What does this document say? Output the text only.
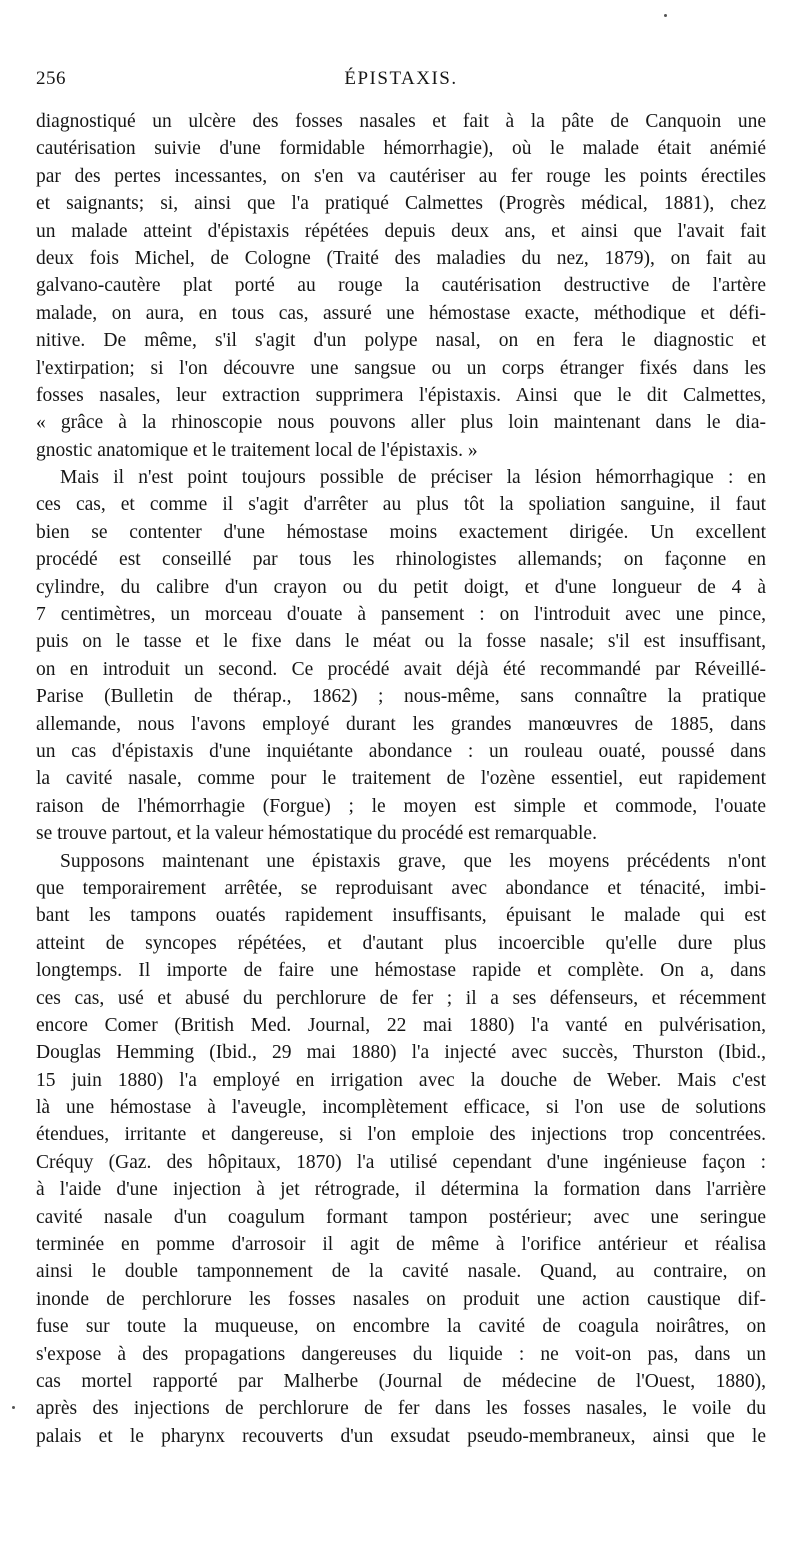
256	ÉPISTAXIS.
diagnostiqué un ulcère des fosses nasales et fait à la pâte de Canquoin une
cautérisation suivie d'une formidable hémorrhagie), où le malade était anémié
par des pertes incessantes, on s'en va cautériser au fer rouge les points érectiles
et saignants; si, ainsi que l'a pratiqué Calmettes (Progrès médical, 1881), chez
un malade atteint d'épistaxis répétées depuis deux ans, et ainsi que l'avait fait
deux fois Michel, de Cologne (Traité des maladies du nez, 1879), on fait au
galvano-cautère plat porté au rouge la cautérisation destructive de l'artère
malade, on aura, en tous cas, assuré une hémostase exacte, méthodique et défi-
nitive. De même, s'il s'agit d'un polype nasal, on en fera le diagnostic et
l'extirpation; si l'on découvre une sangsue ou un corps étranger fixés dans les
fosses nasales, leur extraction supprimera l'épistaxis. Ainsi que le dit Calmettes,
« grâce à la rhinoscopie nous pouvons aller plus loin maintenant dans le dia-
gnostic anatomique et le traitement local de l'épistaxis. »
Mais il n'est point toujours possible de préciser la lésion hémorrhagique : en
ces cas, et comme il s'agit d'arrêter au plus tôt la spoliation sanguine, il faut
bien se contenter d'une hémostase moins exactement dirigée. Un excellent
procédé est conseillé par tous les rhinologistes allemands; on façonne en
cylindre, du calibre d'un crayon ou du petit doigt, et d'une longueur de 4 à
7 centimètres, un morceau d'ouate à pansement : on l'introduit avec une pince,
puis on le tasse et le fixe dans le méat ou la fosse nasale; s'il est insuffisant,
on en introduit un second. Ce procédé avait déjà été recommandé par Réveillé-
Parise (Bulletin de thérap., 1862) ; nous-même, sans connaître la pratique
allemande, nous l'avons employé durant les grandes manœuvres de 1885, dans
un cas d'épistaxis d'une inquiétante abondance : un rouleau ouaté, poussé dans
la cavité nasale, comme pour le traitement de l'ozène essentiel, eut rapidement
raison de l'hémorrhagie (Forgue) ; le moyen est simple et commode, l'ouate
se trouve partout, et la valeur hémostatique du procédé est remarquable.
Supposons maintenant une épistaxis grave, que les moyens précédents n'ont
que temporairement arrêtée, se reproduisant avec abondance et ténacité, imbi-
bant les tampons ouatés rapidement insuffisants, épuisant le malade qui est
atteint de syncopes répétées, et d'autant plus incoercible qu'elle dure plus
longtemps. Il importe de faire une hémostase rapide et complète. On a, dans
ces cas, usé et abusé du perchlorure de fer ; il a ses défenseurs, et récemment
encore Comer (British Med. Journal, 22 mai 1880) l'a vanté en pulvérisation,
Douglas Hemming (Ibid., 29 mai 1880) l'a injecté avec succès, Thurston (Ibid.,
15 juin 1880) l'a employé en irrigation avec la douche de Weber. Mais c'est
là une hémostase à l'aveugle, incomplètement efficace, si l'on use de solutions
étendues, irritante et dangereuse, si l'on emploie des injections trop concentrées.
Créquy (Gaz. des hôpitaux, 1870) l'a utilisé cependant d'une ingénieuse façon :
à l'aide d'une injection à jet rétrograde, il détermina la formation dans l'arrière
cavité nasale d'un coagulum formant tampon postérieur; avec une seringue
terminée en pomme d'arrosoir il agit de même à l'orifice antérieur et réalisa
ainsi le double tamponnement de la cavité nasale. Quand, au contraire, on
inonde de perchlorure les fosses nasales on produit une action caustique dif-
fuse sur toute la muqueuse, on encombre la cavité de coagula noirâtres, on
s'expose à des propagations dangereuses du liquide : ne voit-on pas, dans un
cas mortel rapporté par Malherbe (Journal de médecine de l'Ouest, 1880),
après des injections de perchlorure de fer dans les fosses nasales, le voile du
palais et le pharynx recouverts d'un exsudat pseudo-membraneux, ainsi que le
